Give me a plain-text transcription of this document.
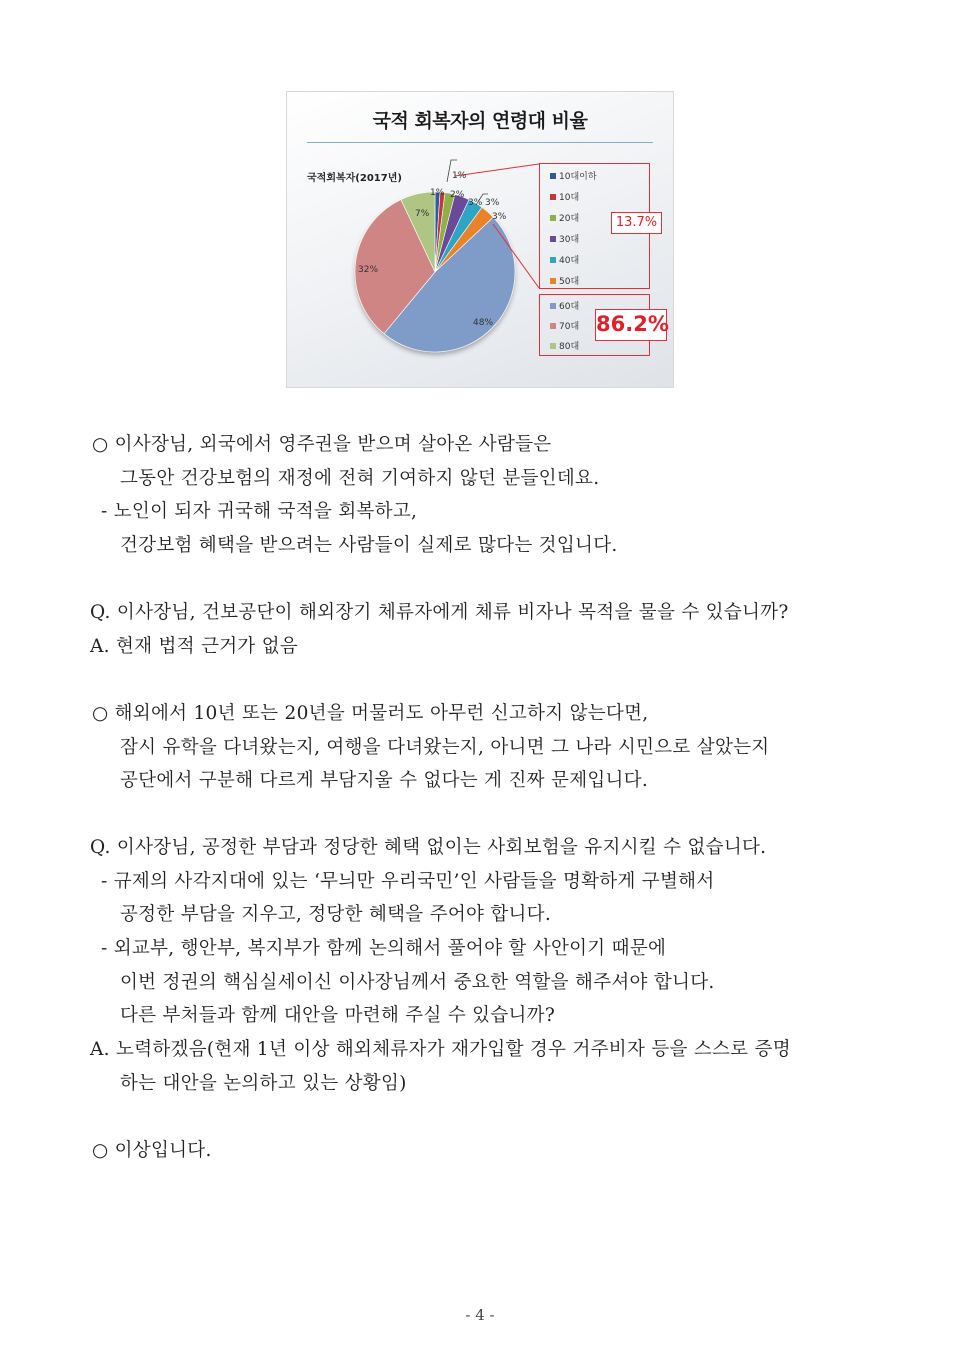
국적 회복자의 연령대 비율
국적회복자(2017년)
1%
1%
2%
3% 3%
3%
48%
32%
7%
10대이하
10대
20대
30대
40대
50대
13.7%
60대
70대
80대
86.2%
○ 이사장님, 외국에서 영주권을 받으며 살아온 사람들은
그동안 건강보험의 재정에 전혀 기여하지 않던 분들인데요.
- 노인이 되자 귀국해 국적을 회복하고,
건강보험 혜택을 받으려는 사람들이 실제로 많다는 것입니다.
Q. 이사장님, 건보공단이 해외장기 체류자에게 체류 비자나 목적을 물을 수 있습니까?
A. 현재 법적 근거가 없음
○ 해외에서 10년 또는 20년을 머물러도 아무런 신고하지 않는다면,
잠시 유학을 다녀왔는지, 여행을 다녀왔는지, 아니면 그 나라 시민으로 살았는지
공단에서 구분해 다르게 부담지울 수 없다는 게 진짜 문제입니다.
Q. 이사장님, 공정한 부담과 정당한 혜택 없이는 사회보험을 유지시킬 수 없습니다.
- 규제의 사각지대에 있는 ‘무늬만 우리국민’인 사람들을 명확하게 구별해서
공정한 부담을 지우고, 정당한 혜택을 주어야 합니다.
- 외교부, 행안부, 복지부가 함께 논의해서 풀어야 할 사안이기 때문에
이번 정권의 핵심실세이신 이사장님께서 중요한 역할을 해주셔야 합니다.
다른 부처들과 함께 대안을 마련해 주실 수 있습니까?
A. 노력하겠음(현재 1년 이상 해외체류자가 재가입할 경우 거주비자 등을 스스로 증명
하는 대안을 논의하고 있는 상황임)
○ 이상입니다.
- 4 -
